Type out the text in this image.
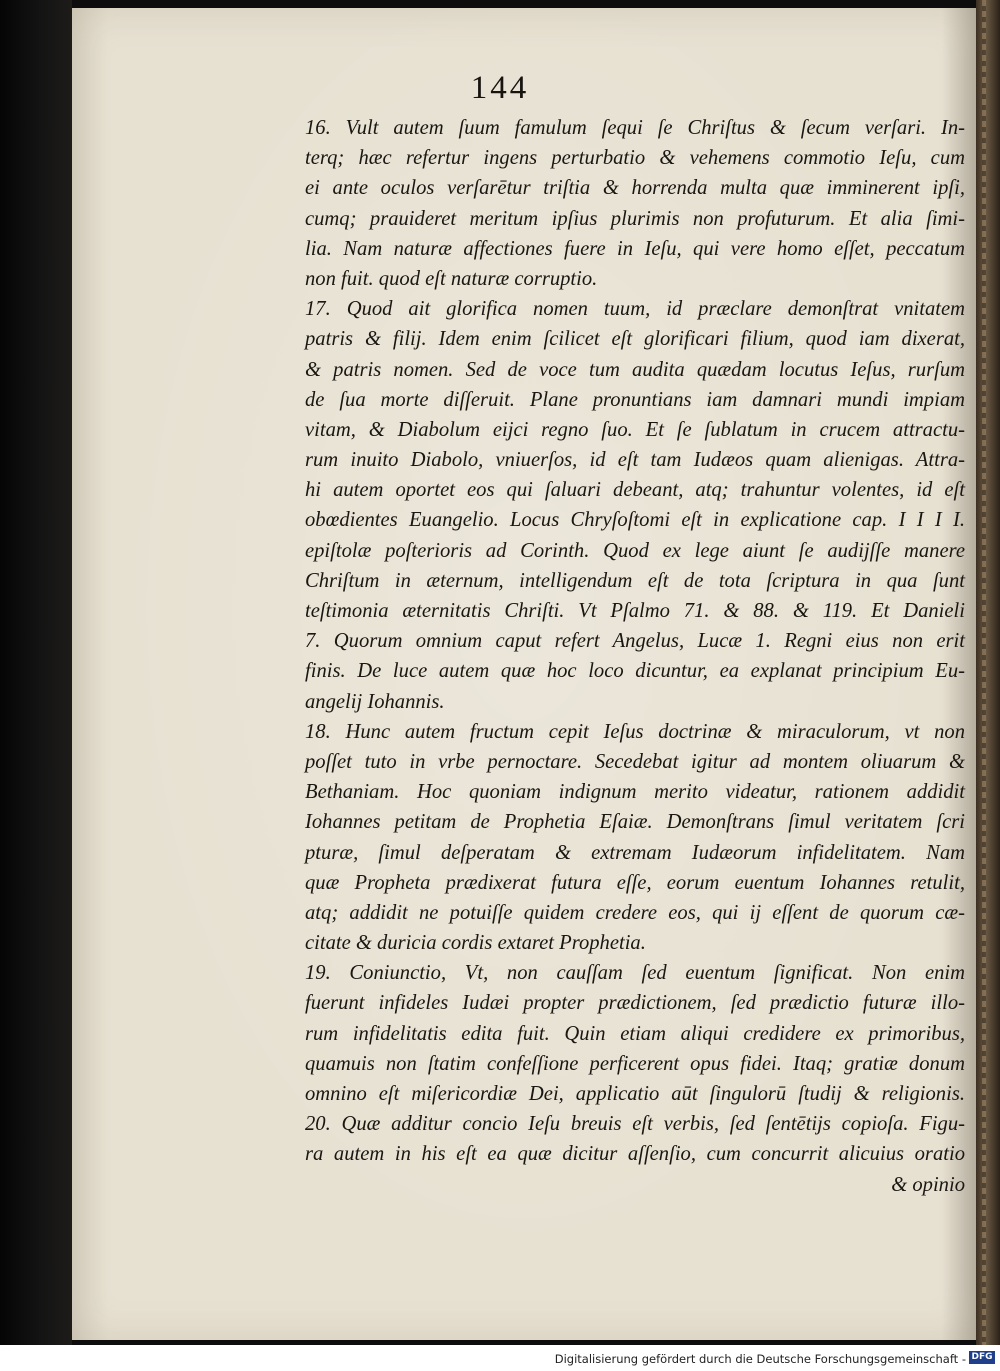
144
16. Vult autem ſuum famulum ſequi ſe Chriſtus & ſecum verſari. In-
terq; hæc refertur ingens perturbatio & vehemens commotio Ieſu, cum
ei ante oculos verſarētur triſtia & horrenda multa quæ imminerent ipſi,
cumq; prauideret meritum ipſius plurimis non profuturum. Et alia ſimi-
lia. Nam naturæ affectiones fuere in Ieſu, qui vere homo eſſet, peccatum
non fuit. quod eſt naturæ corruptio.
17. Quod ait glorifica nomen tuum, id præclare demonſtrat vnitatem
patris & filij. Idem enim ſcilicet eſt glorificari filium, quod iam dixerat,
& patris nomen. Sed de voce tum audita quædam locutus Ieſus, rurſum
de ſua morte diſſeruit. Plane pronuntians iam damnari mundi impiam
vitam, & Diabolum eijci regno ſuo. Et ſe ſublatum in crucem attractu-
rum inuito Diabolo, vniuerſos, id eſt tam Iudæos quam alienigas. Attra-
hi autem oportet eos qui ſaluari debeant, atq; trahuntur volentes, id eſt
obœdientes Euangelio. Locus Chryſoſtomi eſt in explicatione cap. I I I I.
epiſtolæ poſterioris ad Corinth. Quod ex lege aiunt ſe audijſſe manere
Chriſtum in æternum, intelligendum eſt de tota ſcriptura in qua ſunt
teſtimonia æternitatis Chriſti. Vt Pſalmo 71. & 88. & 119. Et Danieli
7. Quorum omnium caput refert Angelus, Lucæ 1. Regni eius non erit
finis. De luce autem quæ hoc loco dicuntur, ea explanat principium Eu-
angelij Iohannis.
18. Hunc autem fructum cepit Ieſus doctrinæ & miraculorum, vt non
poſſet tuto in vrbe pernoctare. Secedebat igitur ad montem oliuarum &
Bethaniam. Hoc quoniam indignum merito videatur, rationem addidit
Iohannes petitam de Prophetia Eſaiæ. Demonſtrans ſimul veritatem ſcri
pturæ, ſimul deſperatam & extremam Iudæorum infidelitatem. Nam
quæ Propheta prædixerat futura eſſe, eorum euentum Iohannes retulit,
atq; addidit ne potuiſſe quidem credere eos, qui ij eſſent de quorum cæ-
citate & duricia cordis extaret Prophetia.
19. Coniunctio, Vt, non cauſſam ſed euentum ſignificat. Non enim
fuerunt infideles Iudæi propter prædictionem, ſed prædictio futuræ illo-
rum infidelitatis edita fuit. Quin etiam aliqui credidere ex primoribus,
quamuis non ſtatim confeſſione perficerent opus fidei. Itaq; gratiæ donum
omnino eſt miſericordiæ Dei, applicatio aūt ſingulorū ſtudij & religionis.
20. Quæ additur concio Ieſu breuis eſt verbis, ſed ſentētijs copioſa. Figu-
ra autem in his eſt ea quæ dicitur aſſenſio, cum concurrit alicuius oratio
& opinio
Digitalisierung gefördert durch die Deutsche Forschungsgemeinschaft - DFG
